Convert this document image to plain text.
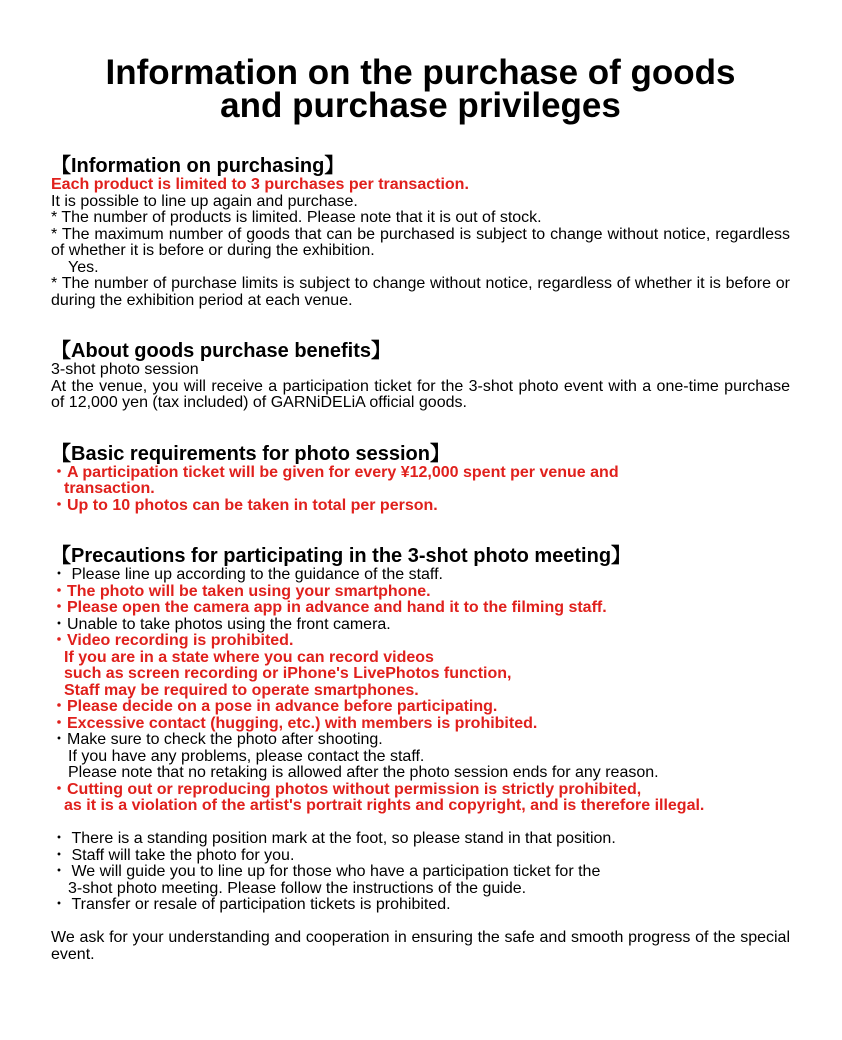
Information on the purchase of goods
and purchase privileges
【Information on purchasing】

Each product is limited to 3 purchases per transaction.

It is possible to line up again and purchase.

* The number of products is limited. Please note that it is out of stock.

* The maximum number of goods that can be purchased is subject to change without notice, regardless of whether it is before or during the exhibition.

Yes.

* The number of purchase limits is subject to change without notice, regardless of whether it is before or during the exhibition period at each venue.

【About goods purchase benefits】

3-shot photo session

At the venue, you will receive a participation ticket for the 3-shot photo event with a one-time purchase of 12,000 yen (tax included) of GARNiDELiA official goods.

【Basic requirements for photo session】

・A participation ticket will be given for every ¥12,000 spent per venue and

transaction.

・Up to 10 photos can be taken in total per person.

【Precautions for participating in the 3-shot photo meeting】

・ Please line up according to the guidance of the staff.

・The photo will be taken using your smartphone.

・Please open the camera app in advance and hand it to the filming staff.

・Unable to take photos using the front camera.

・Video recording is prohibited.

If you are in a state where you can record videos

such as screen recording or iPhone's LivePhotos function,

Staff may be required to operate smartphones.

・Please decide on a pose in advance before participating.

・Excessive contact (hugging, etc.) with members is prohibited.

・Make sure to check the photo after shooting.

If you have any problems, please contact the staff.

Please note that no retaking is allowed after the photo session ends for any reason.

・Cutting out or reproducing photos without permission is strictly prohibited,

as it is a violation of the artist's portrait rights and copyright, and is therefore illegal.

・ There is a standing position mark at the foot, so please stand in that position.

・ Staff will take the photo for you.

・ We will guide you to line up for those who have a participation ticket for the

3-shot photo meeting. Please follow the instructions of the guide.

・ Transfer or resale of participation tickets is prohibited.

We ask for your understanding and cooperation in ensuring the safe and smooth progress of the special event.
